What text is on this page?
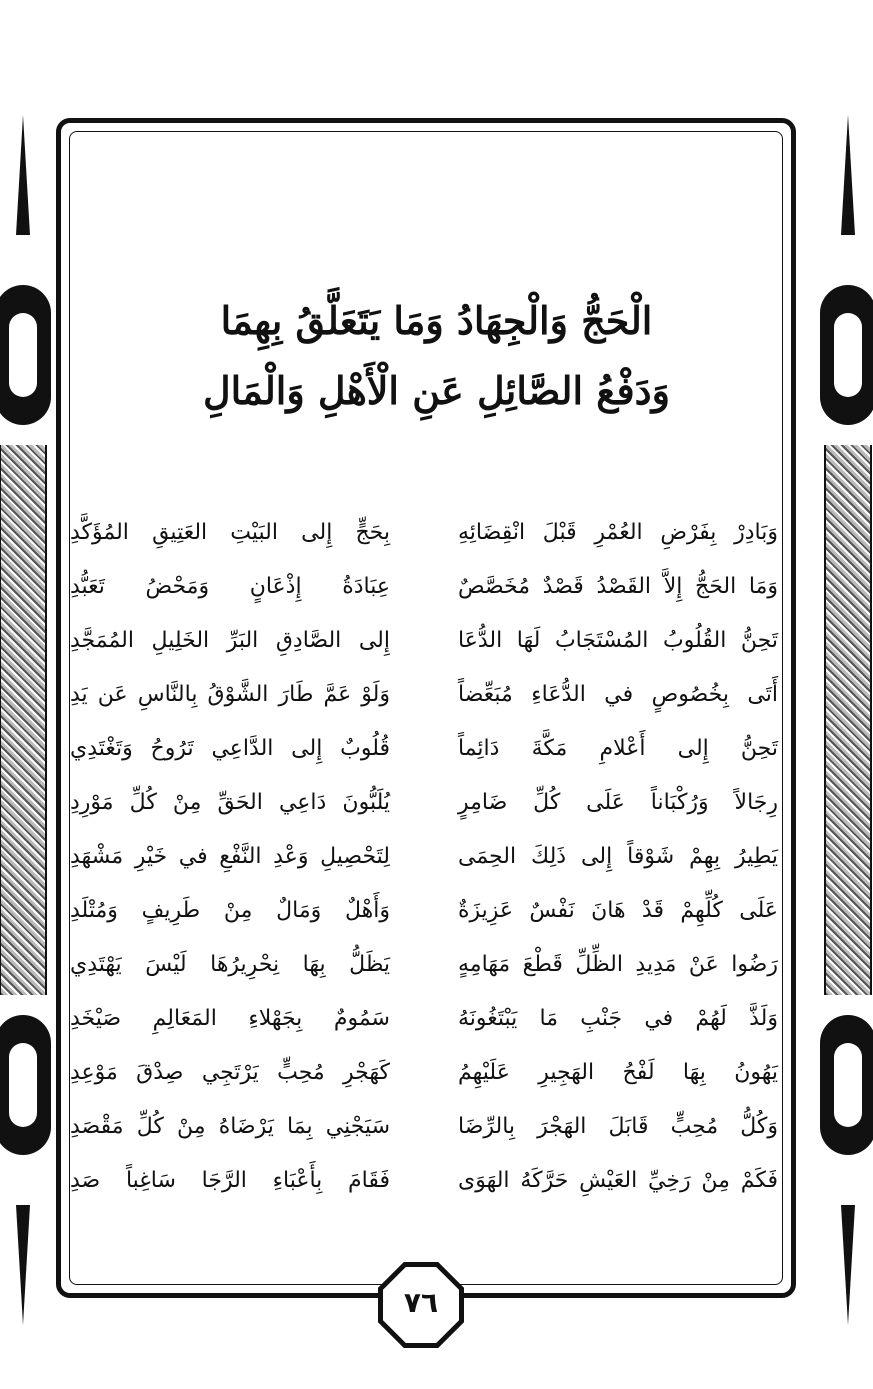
الْحَجُّ وَالْجِهَادُ وَمَا يَتَعَلَّقُ بِهِمَا
وَدَفْعُ الصَّائِلِ عَنِ الْأَهْلِ وَالْمَالِ
وَبَادِرْ بِفَرْضِ العُمْرِ قَبْلَ انْقِضَائِهِ
بِحَجٍّ إِلى البَيْتِ العَتِيقِ المُؤَكَّدِ
وَمَا الحَجُّ إِلاَّ القَصْدُ قَصْدٌ مُخَصَّصٌ
عِبَادَةُ إِذْعَانٍ وَمَحْضُ تَعَبُّدِ
تَحِنُّ القُلُوبُ المُسْتَجَابُ لَهَا الدُّعَا
إِلى الصَّادِقِ البَرِّ الخَلِيلِ المُمَجَّدِ
أَتَى بِخُصُوصٍ في الدُّعَاءِ مُبَعِّضاً
وَلَوْ عَمَّ طَارَ الشَّوْقُ بِالنَّاسِ عَن يَدِ
تَحِنُّ إِلى أَعْلامِ مَكَّةَ دَائِماً
قُلُوبٌ إِلى الدَّاعِي تَرُوحُ وَتَغْتَدِي
رِجَالاً وَرُكْبَاناً عَلَى كُلِّ ضَامِرٍ
يُلَبُّونَ دَاعِي الحَقِّ مِنْ كُلِّ مَوْرِدِ
يَطِيرُ بِهِمْ شَوْقاً إِلى ذَلِكَ الحِمَى
لِتَحْصِيلِ وَعْدِ النَّفْعِ في خَيْرِ مَشْهَدِ
عَلَى كُلِّهِمْ قَدْ هَانَ نَفْسٌ عَزِيزَةٌ
وَأَهْلٌ وَمَالٌ مِنْ طَرِيفٍ وَمُتْلَدِ
رَضُوا عَنْ مَدِيدِ الظِّلِّ قَطْعَ مَهَامِهٍ
يَظَلُّ بِهَا نِحْرِيرُهَا لَيْسَ يَهْتَدِي
وَلَذَّ لَهُمْ في جَنْبِ مَا يَبْتَغُونَهُ
سَمُومٌ بِجَهْلاءِ المَعَالِمِ صَيْخَدِ
يَهُونُ بِهَا لَفْحُ الهَجِيرِ عَلَيْهِمُ
كَهَجْرِ مُحِبٍّ يَرْتَجِي صِدْقَ مَوْعِدِ
وَكُلُّ مُحِبٍّ قَابَلَ الهَجْرَ بِالرِّضَا
سَيَجْنِي بِمَا يَرْضَاهُ مِنْ كُلِّ مَقْصَدِ
فَكَمْ مِنْ رَخِيِّ العَيْشِ حَرَّكَهُ الهَوَى
فَقَامَ بِأَعْبَاءِ الرَّجَا سَاغِباً صَدِ
٧٦
